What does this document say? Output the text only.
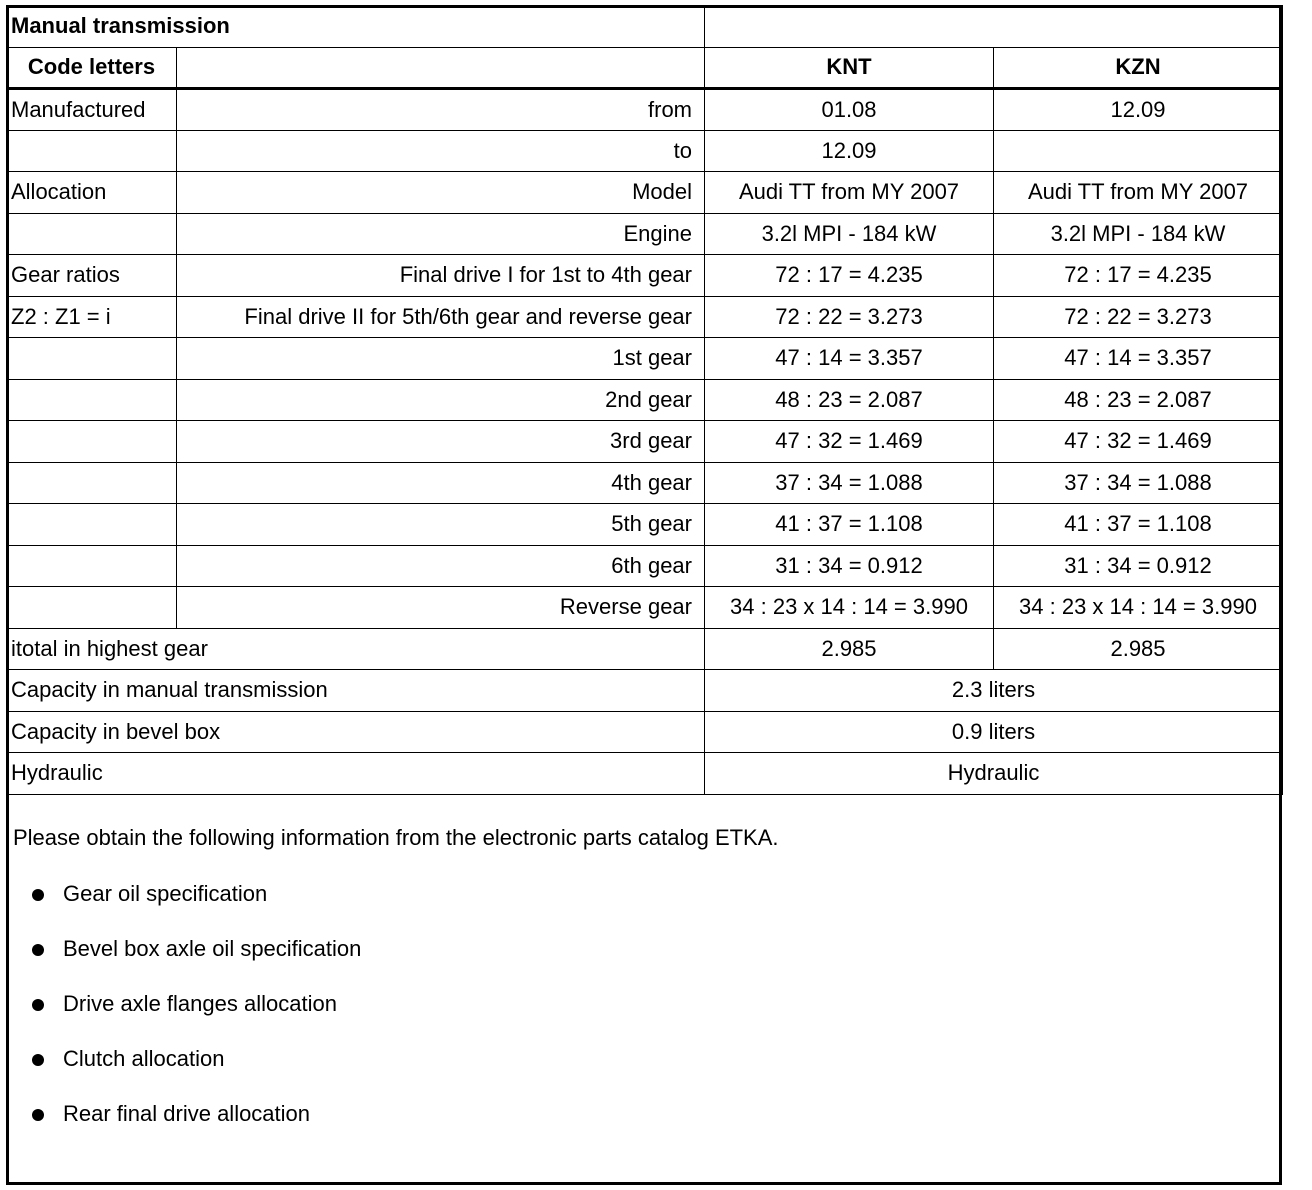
Manual transmission			
Code letters		KNT	KZN
Manufactured	from	01.08	12.09
	to	12.09	
Allocation	Model	Audi TT from MY 2007	Audi TT from MY 2007
	Engine	3.2l MPI - 184 kW	3.2l MPI - 184 kW
Gear ratios	Final drive I for 1st to 4th gear	72 : 17 = 4.235	72 : 17 = 4.235
Z2 : Z1 = i	Final drive II for 5th/6th gear and reverse gear	72 : 22 = 3.273	72 : 22 = 3.273
	1st gear	47 : 14 = 3.357	47 : 14 = 3.357
	2nd gear	48 : 23 = 2.087	48 : 23 = 2.087
	3rd gear	47 : 32 = 1.469	47 : 32 = 1.469
	4th gear	37 : 34 = 1.088	37 : 34 = 1.088
	5th gear	41 : 37 = 1.108	41 : 37 = 1.108
	6th gear	31 : 34 = 0.912	31 : 34 = 0.912
	Reverse gear	34 : 23 x 14 : 14 = 3.990	34 : 23 x 14 : 14 = 3.990
itotal in highest gear		2.985	2.985
Capacity in manual transmission		2.3 liters	
Capacity in bevel box		0.9 liters	
Hydraulic		Hydraulic	
Please obtain the following information from the electronic parts catalog ETKA.
Gear oil specification
Bevel box axle oil specification
Drive axle flanges allocation
Clutch allocation
Rear final drive allocation
